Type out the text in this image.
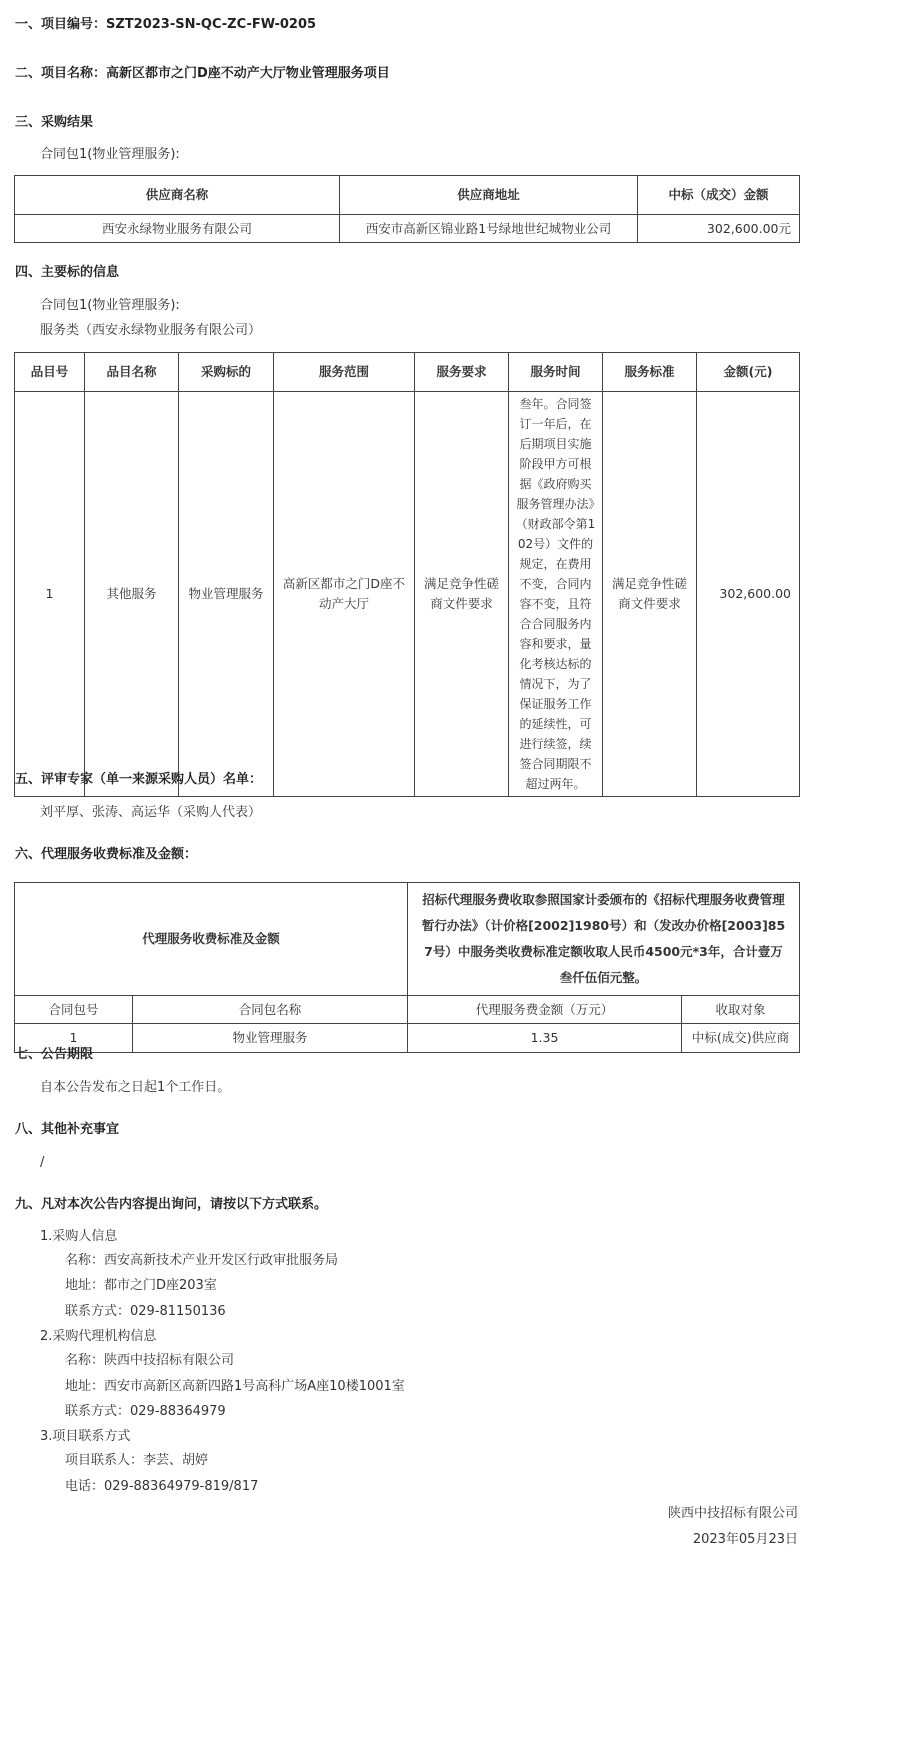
一、项目编号：SZT2023-SN-QC-ZC-FW-0205
二、项目名称：高新区都市之门D座不动产大厅物业管理服务项目
三、采购结果
合同包1(物业管理服务):
供应商名称	供应商地址	中标（成交）金额
西安永绿物业服务有限公司	西安市高新区锦业路1号绿地世纪城物业公司	302,600.00元
四、主要标的信息
合同包1(物业管理服务):
服务类（西安永绿物业服务有限公司）
品目号	品目名称	采购标的	服务范围	服务要求	服务时间	服务标准	金额(元)
1	其他服务	物业管理服务	高新区都市之门D座不动产大厅	满足竞争性磋商文件要求	叁年。合同签订一年后，在后期项目实施阶段甲方可根据《政府购买服务管理办法》（财政部令第102号）文件的规定，在费用不变，合同内容不变，且符合合同服务内容和要求，量化考核达标的情况下，为了保证服务工作的延续性，可进行续签，续签合同期限不超过两年。	满足竞争性磋商文件要求	302,600.00
五、评审专家（单一来源采购人员）名单：
刘平厚、张涛、高运华（采购人代表）
六、代理服务收费标准及金额：
代理服务收费标准及金额		招标代理服务费收取参照国家计委颁布的《招标代理服务收费管理暂行办法》（计价格[2002]1980号）和（发改办价格[2003]857号）中服务类收费标准定额收取人民币4500元*3年，合计壹万叁仟伍佰元整。	
合同包号	合同包名称	代理服务费金额（万元）	收取对象
1	物业管理服务	1.35	中标(成交)供应商
七、公告期限
自本公告发布之日起1个工作日。
八、其他补充事宜
/
九、凡对本次公告内容提出询问，请按以下方式联系。
1.采购人信息
名称：西安高新技术产业开发区行政审批服务局
地址：都市之门D座203室
联系方式：029-81150136
2.采购代理机构信息
名称：陕西中技招标有限公司
地址：西安市高新区高新四路1号高科广场A座10楼1001室
联系方式：029-88364979
3.项目联系方式
项目联系人：李芸、胡婷
电话：029-88364979-819/817
陕西中技招标有限公司
2023年05月23日
